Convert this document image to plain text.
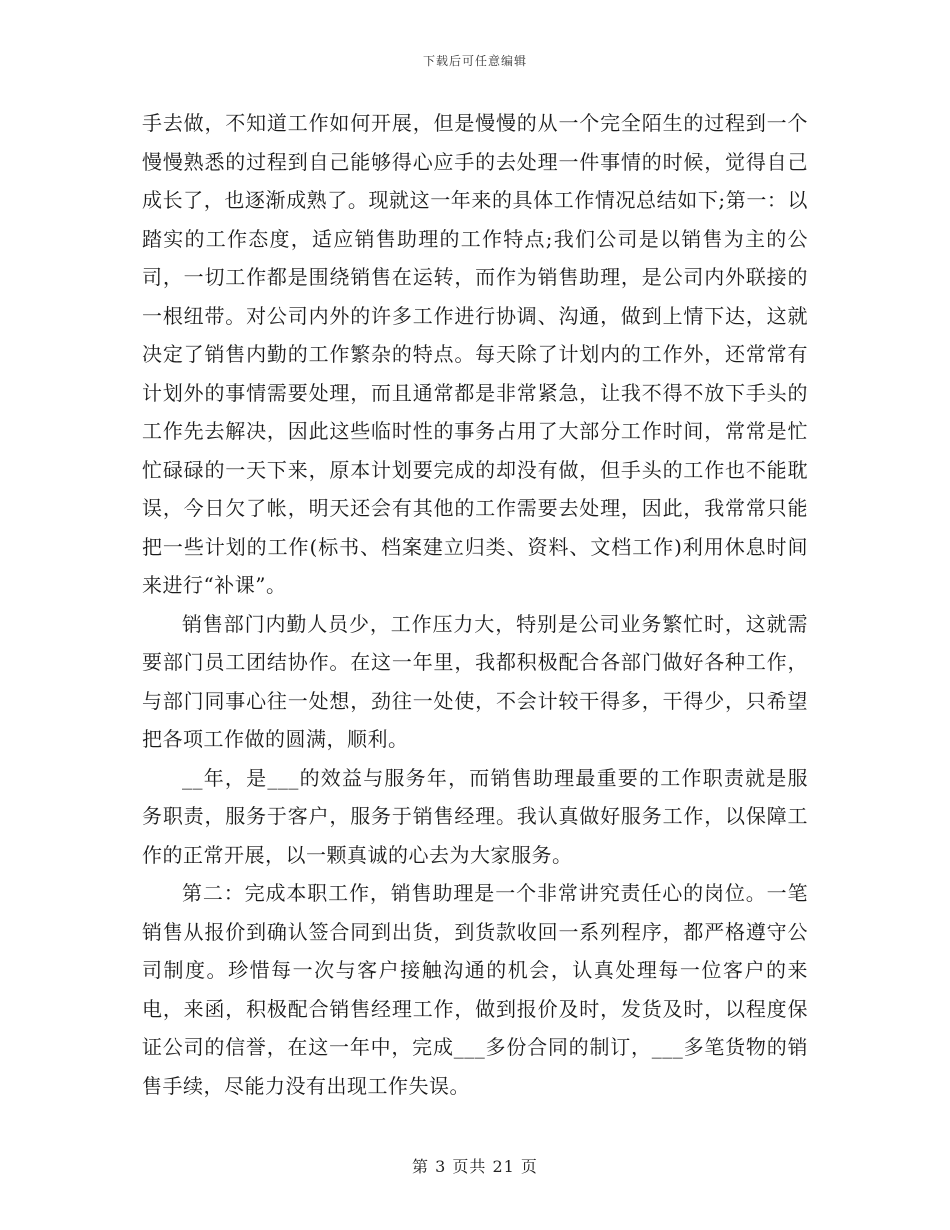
下载后可任意编辑

手去做，不知道工作如何开展，但是慢慢的从一个完全陌生的过程到一个慢慢熟悉的过程到自己能够得心应手的去处理一件事情的时候，觉得自己成长了，也逐渐成熟了。现就这一年来的具体工作情况总结如下;第一：以踏实的工作态度，适应销售助理的工作特点;我们公司是以销售为主的公司，一切工作都是围绕销售在运转，而作为销售助理，是公司内外联接的一根纽带。对公司内外的许多工作进行协调、沟通，做到上情下达，这就决定了销售内勤的工作繁杂的特点。每天除了计划内的工作外，还常常有计划外的事情需要处理，而且通常都是非常紧急，让我不得不放下手头的工作先去解决，因此这些临时性的事务占用了大部分工作时间，常常是忙忙碌碌的一天下来，原本计划要完成的却没有做，但手头的工作也不能耽误，今日欠了帐，明天还会有其他的工作需要去处理，因此，我常常只能把一些计划的工作(标书、档案建立归类、资料、文档工作)利用休息时间来进行“补课”。

销售部门内勤人员少，工作压力大，特别是公司业务繁忙时，这就需要部门员工团结协作。在这一年里，我都积极配合各部门做好各种工作，与部门同事心往一处想，劲往一处使，不会计较干得多，干得少，只希望把各项工作做的圆满，顺利。

__年，是___的效益与服务年，而销售助理最重要的工作职责就是服务职责，服务于客户，服务于销售经理。我认真做好服务工作，以保障工作的正常开展，以一颗真诚的心去为大家服务。

第二：完成本职工作，销售助理是一个非常讲究责任心的岗位。一笔销售从报价到确认签合同到出货，到货款收回一系列程序，都严格遵守公司制度。珍惜每一次与客户接触沟通的机会，认真处理每一位客户的来电，来函，积极配合销售经理工作，做到报价及时，发货及时，以程度保证公司的信誉，在这一年中，完成___多份合同的制订，___多笔货物的销售手续，尽能力没有出现工作失误。

第 3 页共 21 页
